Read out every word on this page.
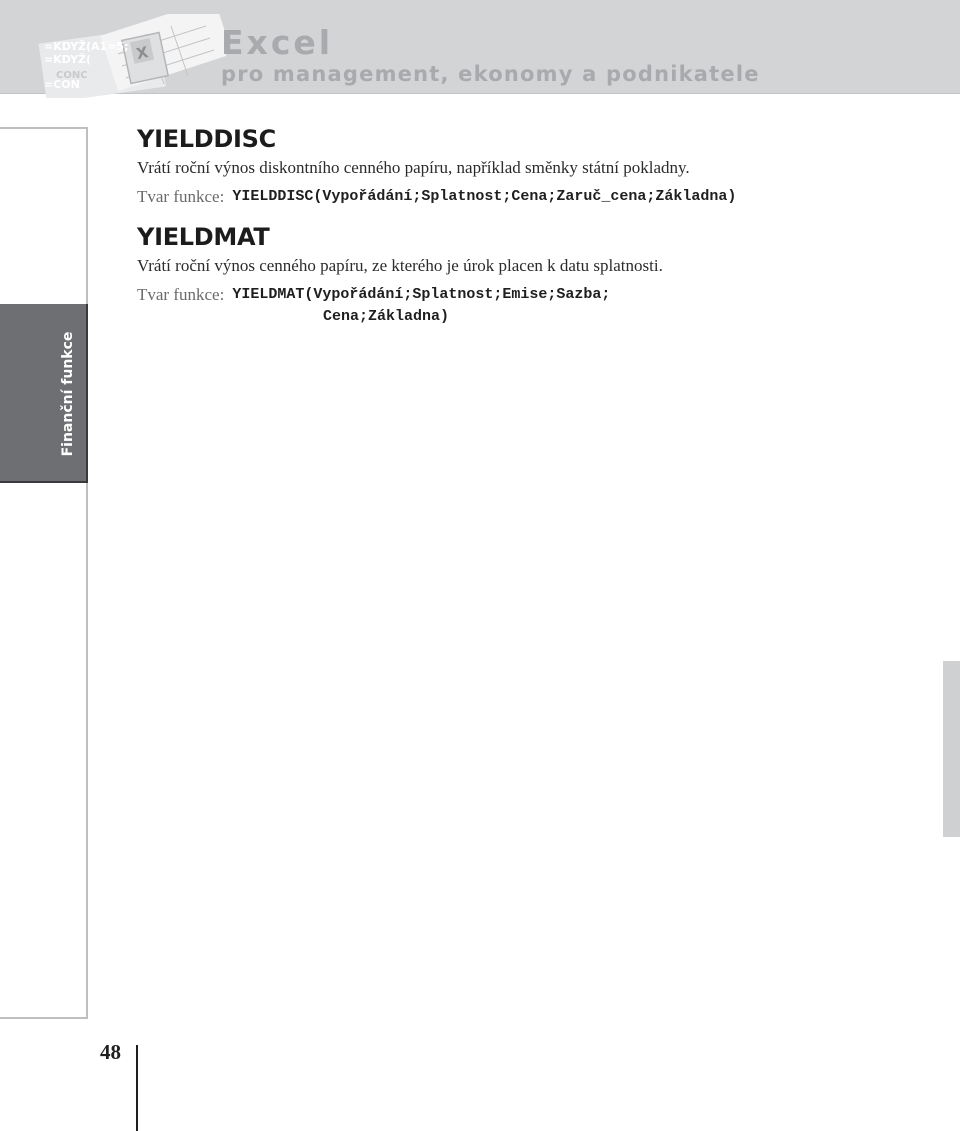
X
=KDYŽ(A1=5;
=KDYŽ(
CONC
=CON
Excel
pro management, ekonomy a podnikatele
Finanční funkce
YIELDDISC

Vrátí roční výnos diskontního cenného papíru, například směnky státní pokladny.

Tvar funkce: YIELDDISC(Vypořádání;Splatnost;Cena;Zaruč_cena;Základna)
YIELDMAT

Vrátí roční výnos cenného papíru, ze kterého je úrok placen k datu splatnosti.

Tvar funkce: YIELDMAT(Vypořádání;Splatnost;Emise;Sazba;
Cena;Základna)
48
